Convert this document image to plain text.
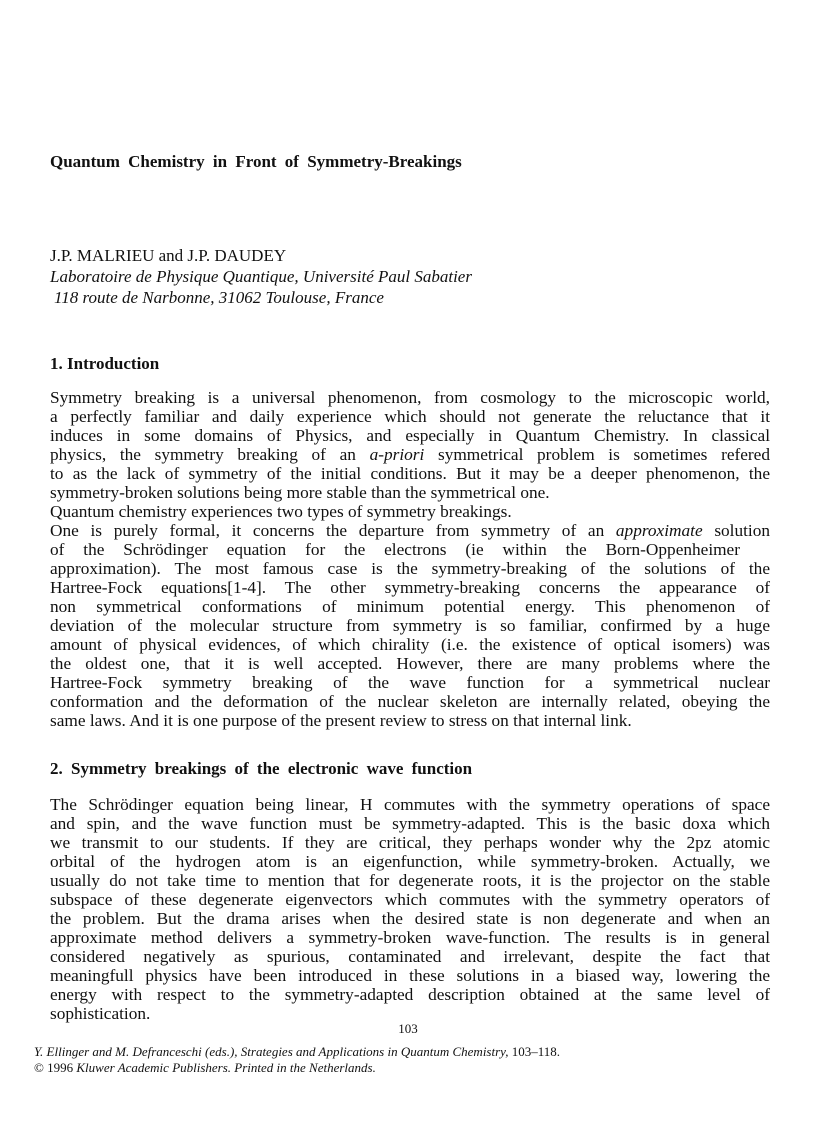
Quantum Chemistry in Front of Symmetry-Breakings
J.P. MALRIEU and J.P. DAUDEY
Laboratoire de Physique Quantique, Université Paul Sabatier
118 route de Narbonne, 31062 Toulouse, France
1. Introduction
Symmetry breaking is a universal phenomenon, from cosmology to the microscopic world,
a perfectly familiar and daily experience which should not generate the reluctance that it
induces in some domains of Physics, and especially in Quantum Chemistry. In classical
physics, the symmetry breaking of an a-priori symmetrical problem is sometimes refered
to as the lack of symmetry of the initial conditions. But it may be a deeper phenomenon, the
symmetry-broken solutions being more stable than the symmetrical one.
Quantum chemistry experiences two types of symmetry breakings.
One is purely formal, it concerns the departure from symmetry of an approximate solution
of the Schrödinger equation for the electrons (ie within the Born-Oppenheimer
approximation). The most famous case is the symmetry-breaking of the solutions of the
Hartree-Fock equations[1-4]. The other symmetry-breaking concerns the appearance of
non symmetrical conformations of minimum potential energy. This phenomenon of
deviation of the molecular structure from symmetry is so familiar, confirmed by a huge
amount of physical evidences, of which chirality (i.e. the existence of optical isomers) was
the oldest one, that it is well accepted. However, there are many problems where the
Hartree-Fock symmetry breaking of the wave function for a symmetrical nuclear
conformation and the deformation of the nuclear skeleton are internally related, obeying the
same laws. And it is one purpose of the present review to stress on that internal link.
2. Symmetry breakings of the electronic wave function
The Schrödinger equation being linear, H commutes with the symmetry operations of space
and spin, and the wave function must be symmetry-adapted. This is the basic doxa which
we transmit to our students. If they are critical, they perhaps wonder why the 2pz atomic
orbital of the hydrogen atom is an eigenfunction, while symmetry-broken. Actually, we
usually do not take time to mention that for degenerate roots, it is the projector on the stable
subspace of these degenerate eigenvectors which commutes with the symmetry operators of
the problem. But the drama arises when the desired state is non degenerate and when an
approximate method delivers a symmetry-broken wave-function. The results is in general
considered negatively as spurious, contaminated and irrelevant, despite the fact that
meaningfull physics have been introduced in these solutions in a biased way, lowering the
energy with respect to the symmetry-adapted description obtained at the same level of
sophistication.
103
Y. Ellinger and M. Defranceschi (eds.), Strategies and Applications in Quantum Chemistry, 103–118.
© 1996 Kluwer Academic Publishers. Printed in the Netherlands.
